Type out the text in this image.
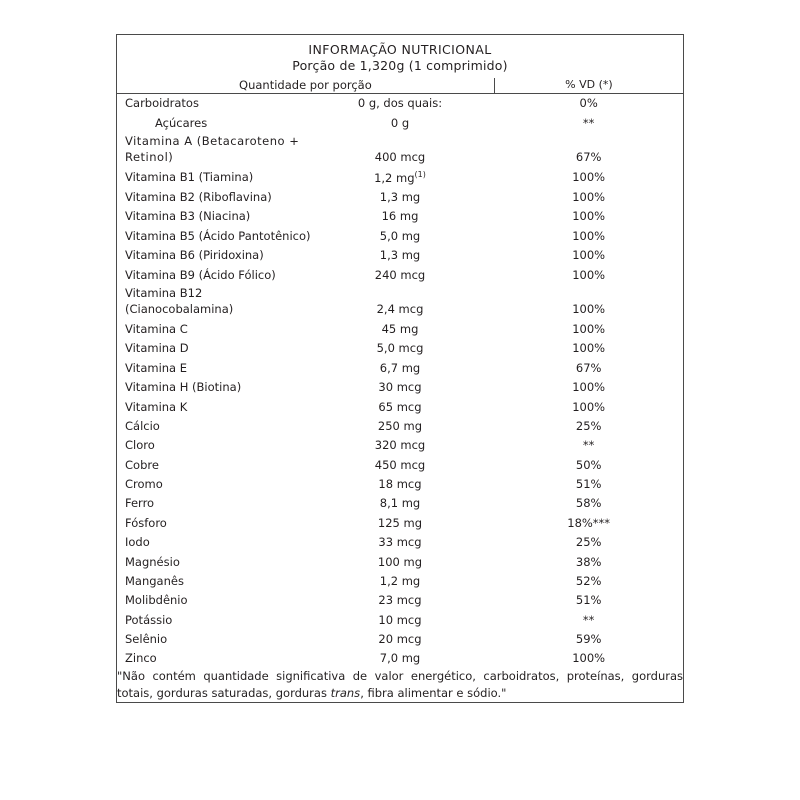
INFORMAÇÃO NUTRICIONAL		
Porção de 1,320g (1 comprimido)		
Quantidade por porção		% VD (*)
Carboidratos	0 g, dos quais:	0%
Açúcares	0 g	**
Vitamina A (Betacaroteno + Retinol)	400 mcg	67%
Vitamina B1 (Tiamina)	1,2 $mg^{(1)}$	100%
Vitamina B2 (Riboflavina)	1,3 mg	100%
Vitamina B3 (Niacina)	16 mg	100%
Vitamina B5 (Ácido Pantotênico)	5,0 mg	100%
Vitamina B6 (Piridoxina)	1,3 mg	100%
Vitamina B9 (Ácido Fólico)	240 mcg	100%
Vitamina B12 (Cianocobalamina)	2,4 mcg	100%
Vitamina C	45 mg	100%
Vitamina D	5,0 mcg	100%
Vitamina E	6,7 mg	67%
Vitamina H (Biotina)	30 mcg	100%
Vitamina K	65 mcg	100%
Cálcio	250 mg	25%
Cloro	320 mcg	**
Cobre	450 mcg	50%
Cromo	18 mcg	51%
Ferro	8,1 mg	58%
Fósforo	125 mg	18%***
Iodo	33 mcg	25%
Magnésio	100 mg	38%
Manganês	1,2 mg	52%
Molibdênio	23 mcg	51%
Potássio	10 mcg	**
Selênio	20 mcg	59%
Zinco	7,0 mg	100%
"Não contém quantidade significativa de valor energético, carboidratos, proteínas, gorduras totais, gorduras saturadas, gorduras trans, fibra alimentar e sódio."		
